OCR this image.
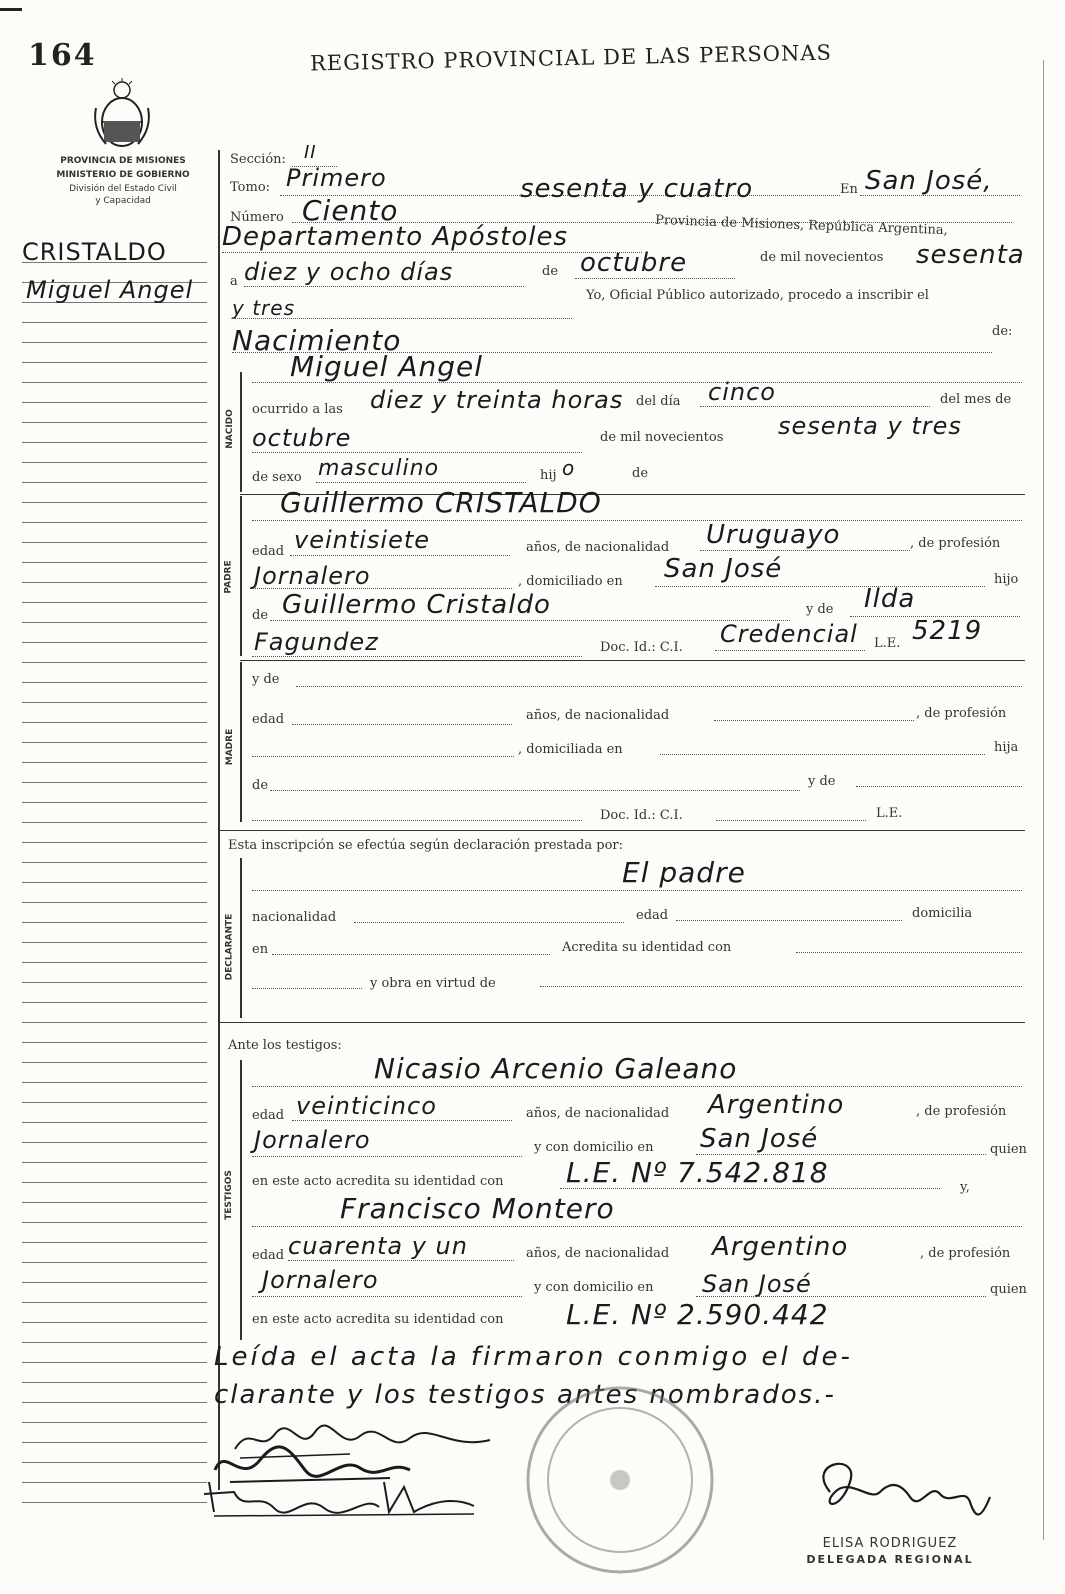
164	REGISTRO PROVINCIAL DE LAS PERSONAS
PROVINCIA DE MISIONES
MINISTERIO DE GOBIERNO
División del Estado Civil
y Capacidad
CRISTALDO
Miguel Angel
Sección: II
Tomo: Primero	sesenta y cuatro	En San José,
Número Ciento
Departamento Apóstoles	Provincia de Misiones, República Argentina,
a diez y ocho días	de octubre	de mil novecientos sesenta
y tres
Yo, Oficial Público autorizado, procedo a inscribir el
Nacimiento	de:
NACIDO
Miguel Angel
ocurrido a las diez y treinta horas del día cinco	del mes de
octubre	de mil novecientos sesenta y tres
de sexo masculino	hij o	de
PADRE
Guillermo CRISTALDO
edad veintisiete	años, de nacionalidad Uruguayo	, de profesión
Jornalero	, domiciliado en San José	hijo
de Guillermo Cristaldo	y de Ilda
Fagundez	Doc. Id.: C.I. Credencial L.E. 5219
MADRE
y de
edad	años, de nacionalidad	, de profesión
, domiciliada en	hija
de	y de
Doc. Id.: C.I.	L.E.
Esta inscripción se efectúa según declaración prestada por:
DECLARANTE
El padre
nacionalidad	edad	domicilia
en	Acredita su identidad con
y obra en virtud de
Ante los testigos:
TESTIGOS
Nicasio Arcenio Galeano
edad veinticinco	años, de nacionalidad Argentino	, de profesión
Jornalero	y con domicilio en San José	quien
en este acto acredita su identidad con L.E. Nº 7.542.818	y,
Francisco Montero
edad cuarenta y un	años, de nacionalidad Argentino	, de profesión
Jornalero	y con domicilio en San José	quien
en este acto acredita su identidad con L.E. Nº 2.590.442
Leída el acta la firmaron conmigo el de-
clarante y los testigos antes nombrados.-
ELISA RODRIGUEZ
DELEGADA REGIONAL
